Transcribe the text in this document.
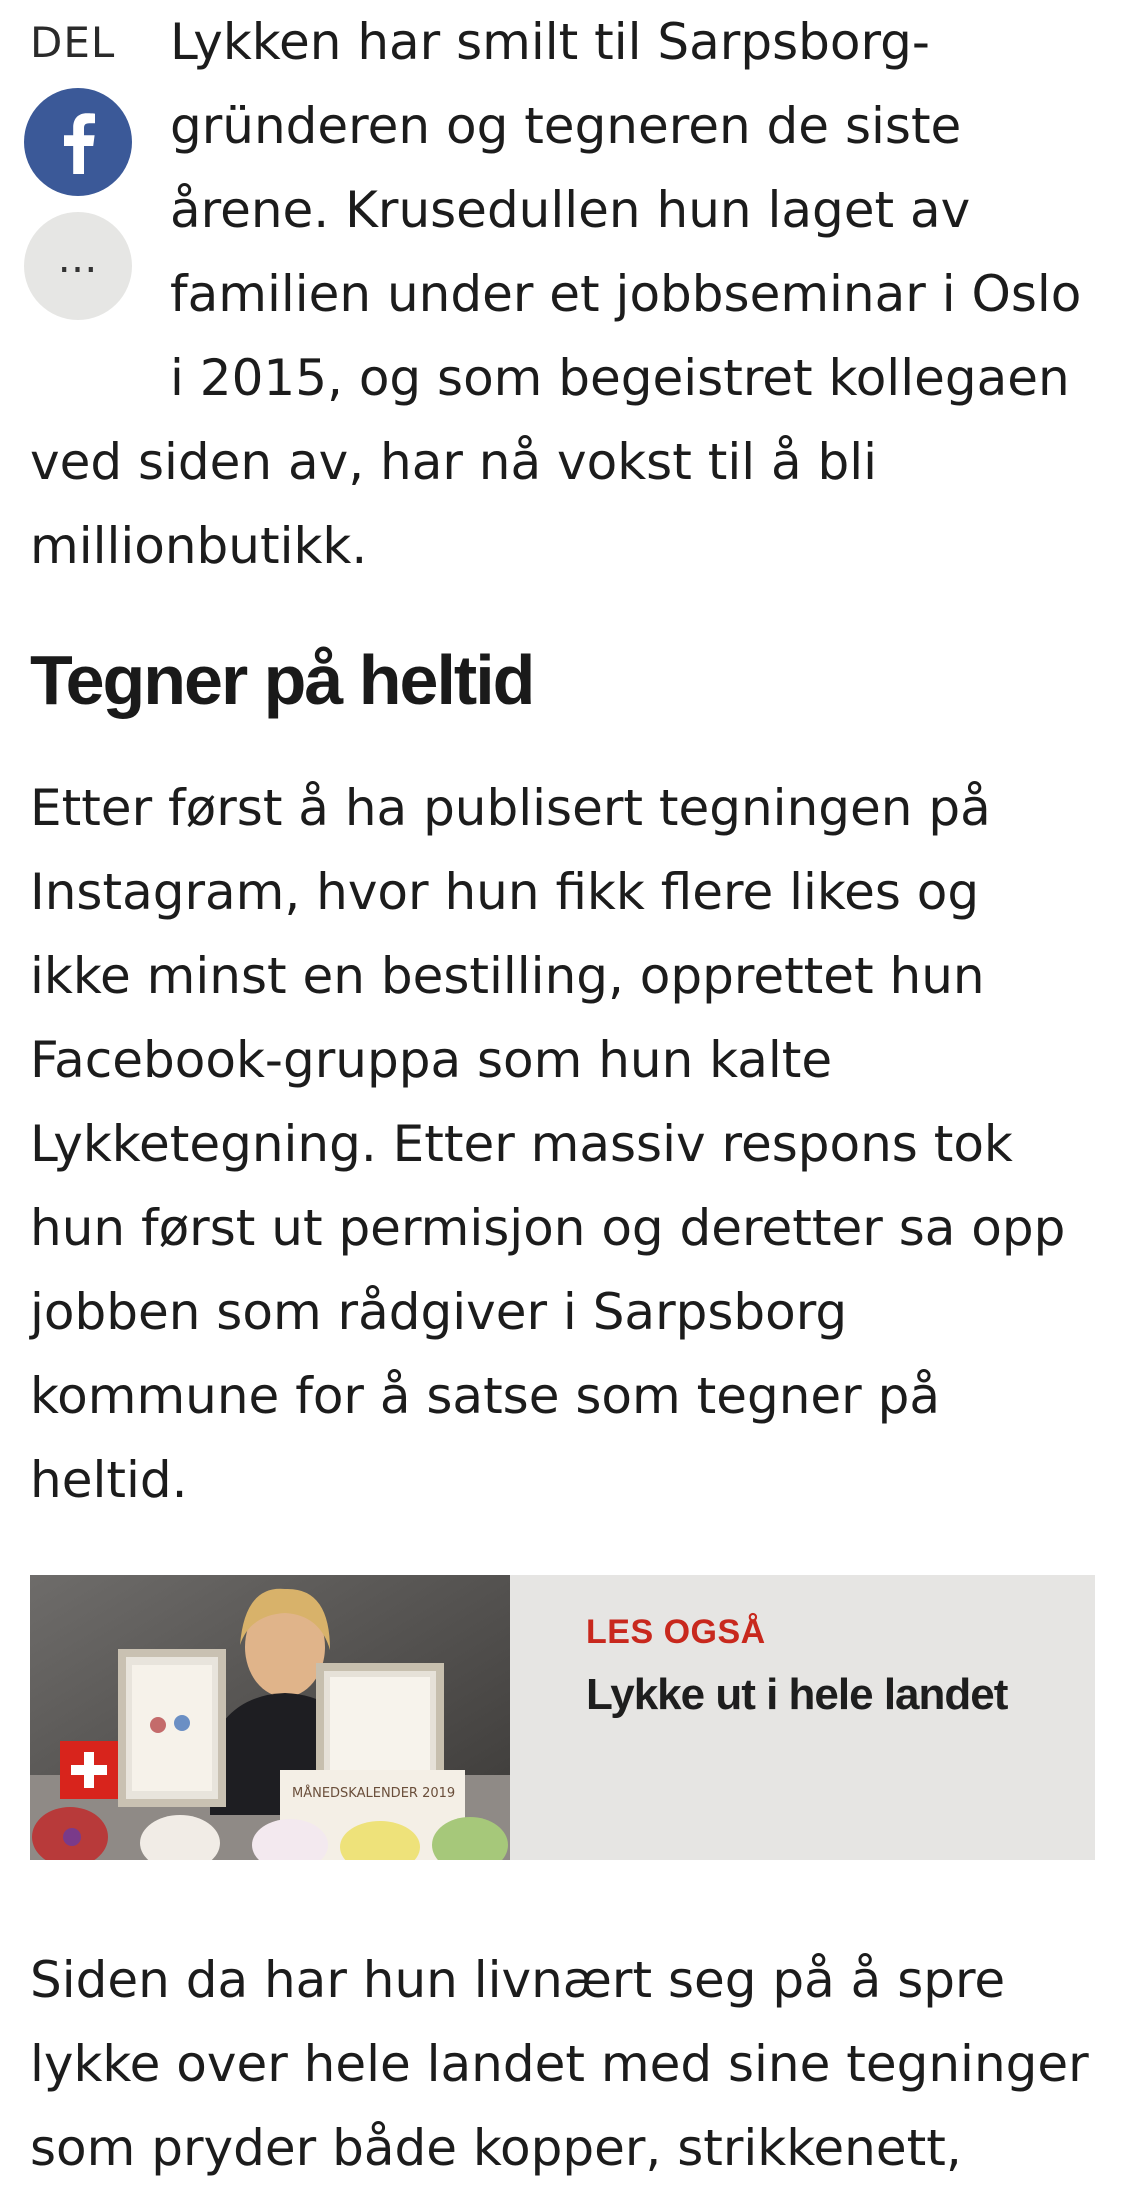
DEL
…

Lykken har smilt til Sarpsborg-gründeren og tegneren de siste årene. Krusedullen hun laget av familien under et jobbseminar i Oslo i 2015, og som begeistret kollegaen ved siden av, har nå vokst til å bli millionbutikk.

Tegner på heltid

Etter først å ha publisert tegningen på Instagram, hvor hun fikk flere likes og ikke minst en bestilling, opprettet hun Facebook-gruppa som hun kalte Lykketegning. Etter massiv respons tok hun først ut permisjon og deretter sa opp jobben som rådgiver i Sarpsborg kommune for å satse som tegner på heltid.

MÅNEDSKALENDER 2019
LES OGSÅ
Lykke ut i hele landet

Siden da har hun livnært seg på å spre lykke over hele landet med sine tegninger som pryder både kopper, strikkenett,
